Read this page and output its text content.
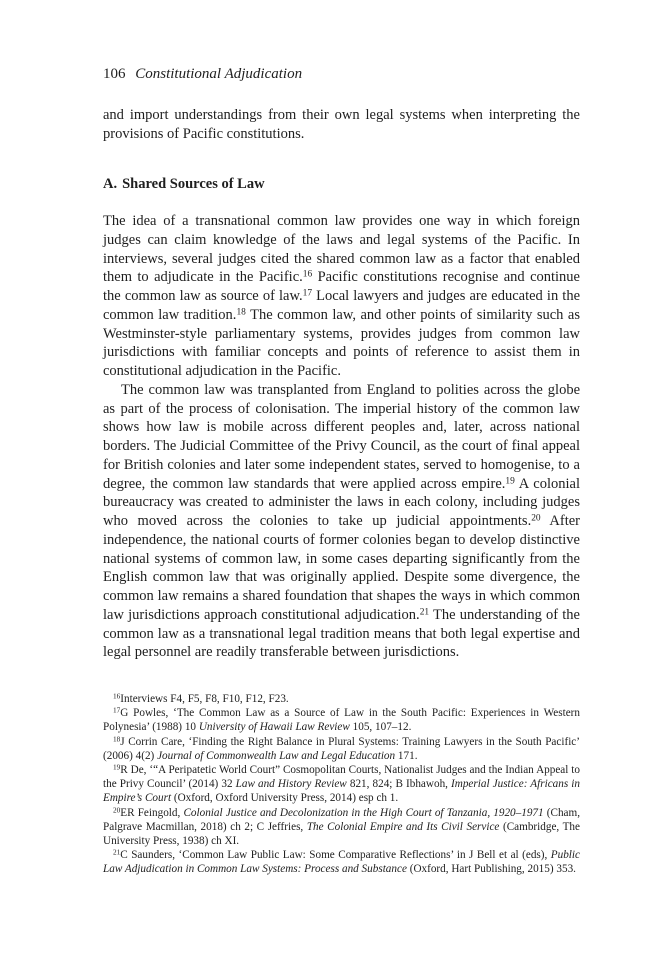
106 Constitutional Adjudication

and import understandings from their own legal systems when interpreting the provisions of Pacific constitutions.

A. Shared Sources of Law

The idea of a transnational common law provides one way in which foreign judges can claim knowledge of the laws and legal systems of the Pacific. In interviews, several judges cited the shared common law as a factor that enabled them to adjudicate in the Pacific.$^{16}$ Pacific constitutions recognise and continue the common law as source of law.$^{17}$ Local lawyers and judges are educated in the common law tradition.$^{18}$ The common law, and other points of similarity such as Westminster-style parliamentary systems, provides judges from common law jurisdictions with familiar concepts and points of reference to assist them in constitutional adjudication in the Pacific.

The common law was transplanted from England to polities across the globe as part of the process of colonisation. The imperial history of the common law shows how law is mobile across different peoples and, later, across national borders. The Judicial Committee of the Privy Council, as the court of final appeal for British colonies and later some independent states, served to homogenise, to a degree, the common law standards that were applied across empire.$^{19}$ A colonial bureaucracy was created to administer the laws in each colony, including judges who moved across the colonies to take up judicial appointments.$^{20}$ After independence, the national courts of former colonies began to develop distinctive national systems of common law, in some cases departing significantly from the English common law that was originally applied. Despite some divergence, the common law remains a shared foundation that shapes the ways in which common law jurisdictions approach constitutional adjudication.$^{21}$ The understanding of the common law as a transnational legal tradition means that both legal expertise and legal personnel are readily transferable between jurisdictions.

$^{16}$Interviews F4, F5, F8, F10, F12, F23.

$^{17}$G Powles, ‘The Common Law as a Source of Law in the South Pacific: Experiences in Western Polynesia’ (1988) 10 University of Hawaii Law Review 105, 107–12.

$^{18}$J Corrin Care, ‘Finding the Right Balance in Plural Systems: Training Lawyers in the South Pacific’ (2006) 4(2) Journal of Commonwealth Law and Legal Education 171.

$^{19}$R De, ‘“A Peripatetic World Court” Cosmopolitan Courts, Nationalist Judges and the Indian Appeal to the Privy Council’ (2014) 32 Law and History Review 821, 824; B Ibhawoh, Imperial Justice: Africans in Empire’s Court (Oxford, Oxford University Press, 2014) esp ch 1.

$^{20}$ER Feingold, Colonial Justice and Decolonization in the High Court of Tanzania, 1920–1971 (Cham, Palgrave Macmillan, 2018) ch 2; C Jeffries, The Colonial Empire and Its Civil Service (Cambridge, The University Press, 1938) ch XI.

$^{21}$C Saunders, ‘Common Law Public Law: Some Comparative Reflections’ in J Bell et al (eds), Public Law Adjudication in Common Law Systems: Process and Substance (Oxford, Hart Publishing, 2015) 353.
